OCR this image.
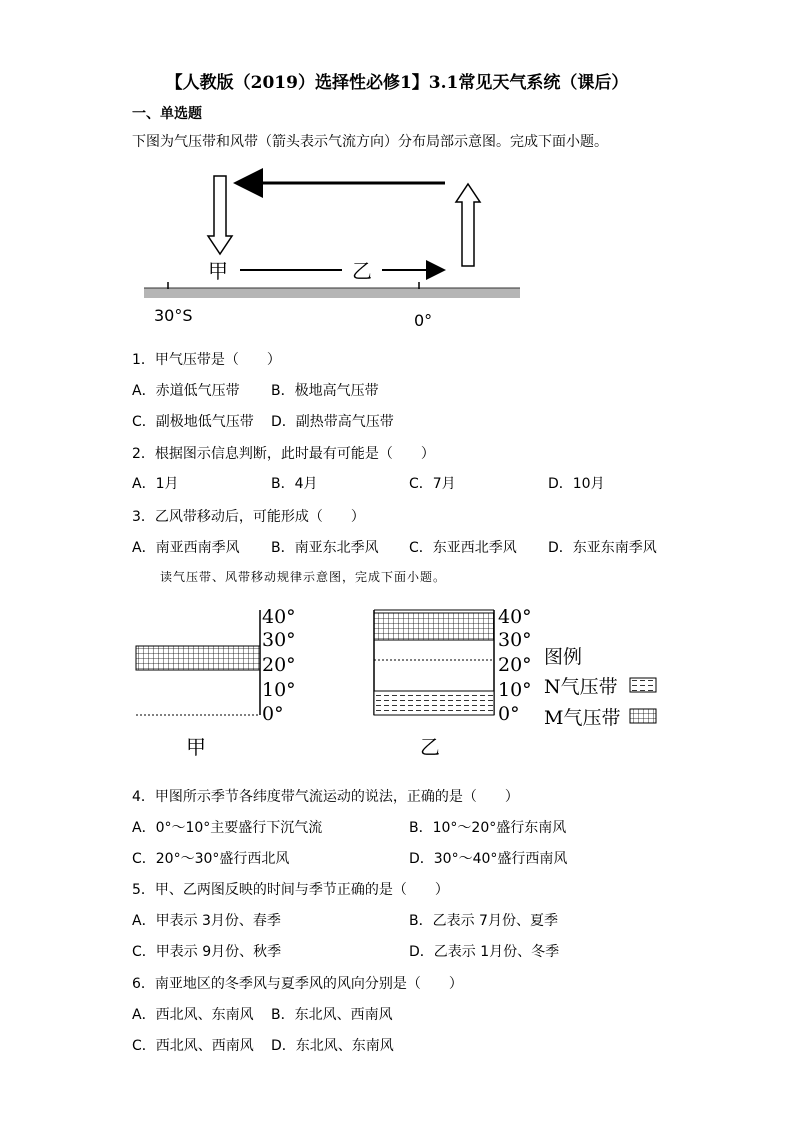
【人教版（2019）选择性必修1】3.1常见天气系统（课后）
一、单选题
下图为气压带和风带（箭头表示气流方向）分布局部示意图。完成下面小题。
甲	乙
30°S	0°
1．甲气压带是（　　）
A．赤道低气压带 B．极地高气压带
C．副极地低气压带 D．副热带高气压带
2．根据图示信息判断，此时最有可能是（　　）
A．1月	B．4月	C．7月	D．10月
3．乙风带移动后，可能形成（　　）
A．南亚西南季风 B．南亚东北季风 C．东亚西北季风 D．东亚东南季风
读气压带、风带移动规律示意图，完成下面小题。
40°
30°
20°
10°
0°
甲
40°
30°
20°
10°
0°
乙
图例
N气压带
M气压带
4．甲图所示季节各纬度带气流运动的说法，正确的是（　　）
A．0°～10°主要盛行下沉气流	B．10°～20°盛行东南风
C．20°～30°盛行西北风	D．30°～40°盛行西南风
5．甲、乙两图反映的时间与季节正确的是（　　）
A．甲表示 3月份、春季	B．乙表示 7月份、夏季
C．甲表示 9月份、秋季	D．乙表示 1月份、冬季
6．南亚地区的冬季风与夏季风的风向分别是（　　）
A．西北风、东南风 B．东北风、西南风
C．西北风、西南风 D．东北风、东南风
